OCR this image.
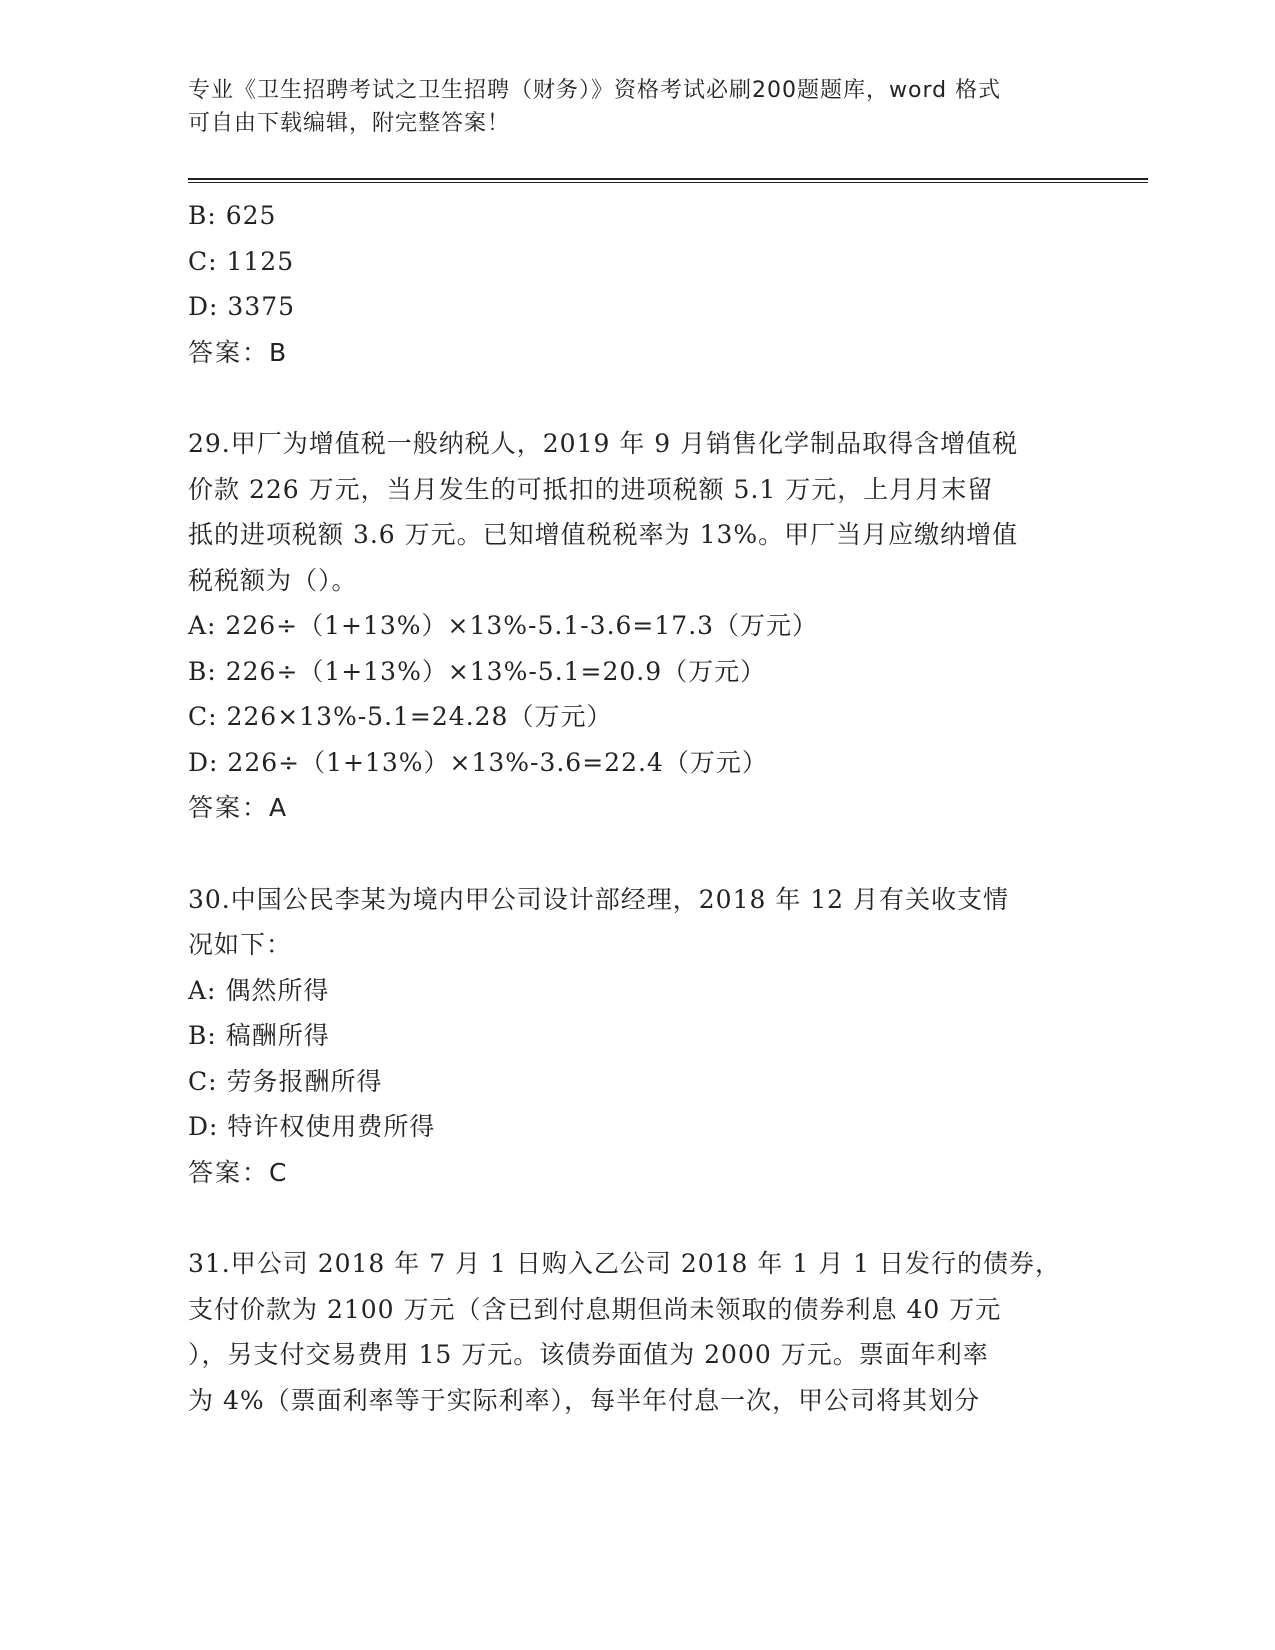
专业《卫生招聘考试之卫生招聘（财务）》资格考试必刷200题题库，word 格式
可自由下载编辑，附完整答案！
B: 625
C: 1125
D: 3375
答案：B
29.甲厂为增值税一般纳税人，2019 年 9 月销售化学制品取得含增值税
价款 226 万元，当月发生的可抵扣的进项税额 5.1 万元，上月月末留
抵的进项税额 3.6 万元。已知增值税税率为 13%。甲厂当月应缴纳增值
税税额为（）。
A: 226÷（1+13%）×13%-5.1-3.6=17.3（万元）
B: 226÷（1+13%）×13%-5.1=20.9（万元）
C: 226×13%-5.1=24.28（万元）
D: 226÷（1+13%）×13%-3.6=22.4（万元）
答案：A
30.中国公民李某为境内甲公司设计部经理，2018 年 12 月有关收支情
况如下：
A: 偶然所得
B: 稿酬所得
C: 劳务报酬所得
D: 特许权使用费所得
答案：C
31.甲公司 2018 年 7 月 1 日购入乙公司 2018 年 1 月 1 日发行的债券，
支付价款为 2100 万元（含已到付息期但尚未领取的债券利息 40 万元
），另支付交易费用 15 万元。该债券面值为 2000 万元。票面年利率
为 4%（票面利率等于实际利率），每半年付息一次，甲公司将其划分
